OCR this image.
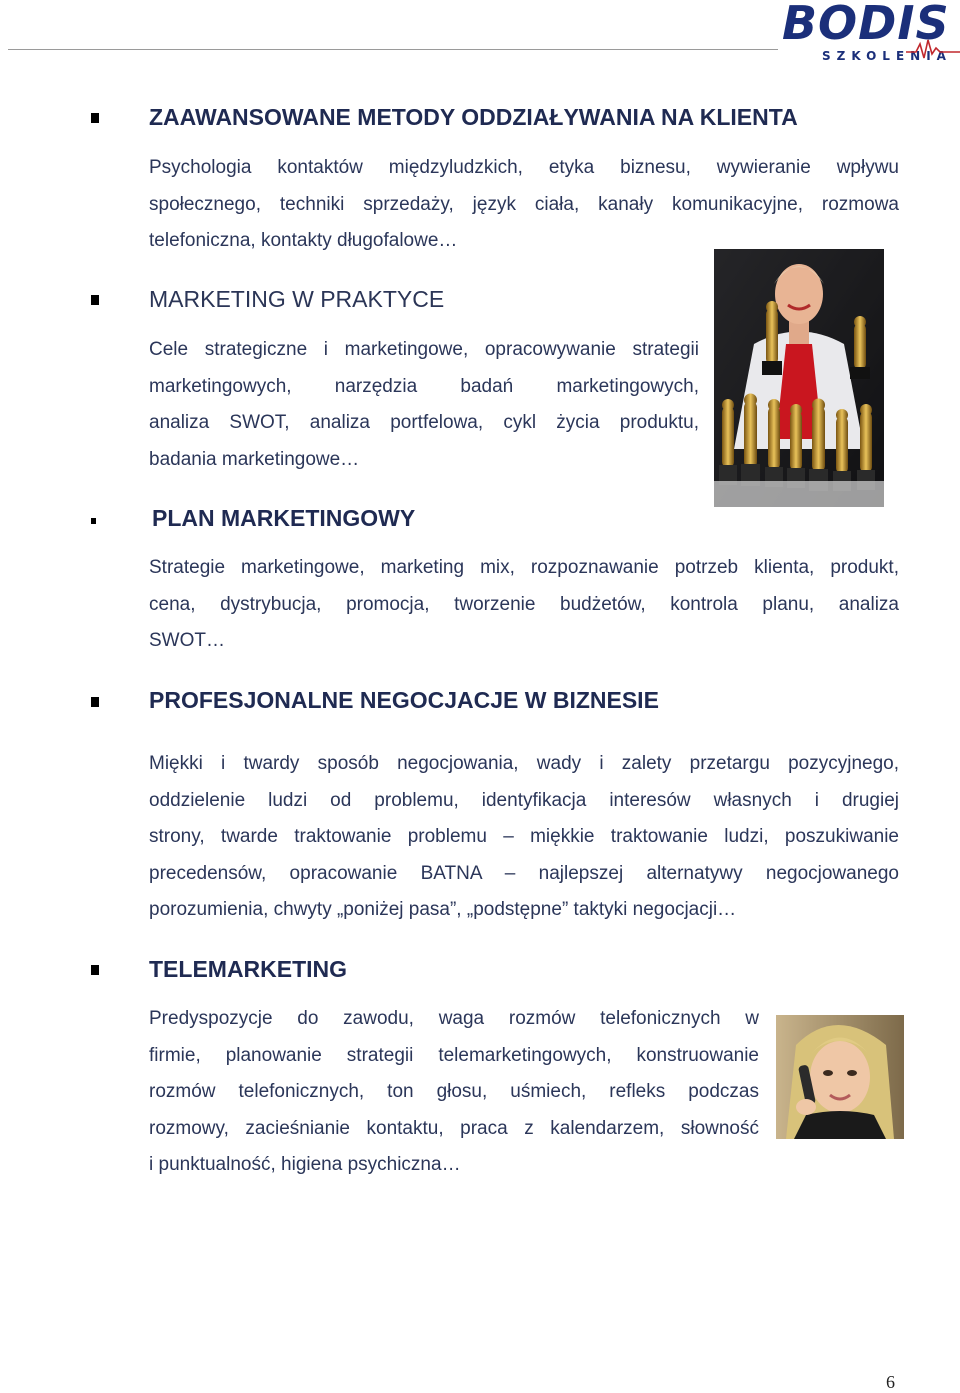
BODIS
SZKOLENIA
ZAAWANSOWANE METODY ODDZIAŁYWANIA NA KLIENTA
Psychologia kontaktów międzyludzkich, etyka biznesu, wywieranie wpływu
społecznego, techniki sprzedaży, język ciała, kanały komunikacyjne, rozmowa
telefoniczna, kontakty długofalowe…
MARKETING W PRAKTYCE
Cele strategiczne i marketingowe, opracowywanie strategii
marketingowych, narzędzia badań marketingowych,
analiza SWOT, analiza portfelowa, cykl życia produktu,
badania marketingowe…
PLAN MARKETINGOWY
Strategie marketingowe, marketing mix, rozpoznawanie potrzeb klienta, produkt,
cena, dystrybucja, promocja, tworzenie budżetów, kontrola planu, analiza
SWOT…
PROFESJONALNE NEGOCJACJE W BIZNESIE
Miękki i twardy sposób negocjowania, wady i zalety przetargu pozycyjnego,
oddzielenie ludzi od problemu, identyfikacja interesów własnych i drugiej
strony, twarde traktowanie problemu – miękkie traktowanie ludzi, poszukiwanie
precedensów, opracowanie BATNA – najlepszej alternatywy negocjowanego
porozumienia, chwyty „poniżej pasa”, „podstępne” taktyki negocjacji…
TELEMARKETING
Predyspozycje do zawodu, waga rozmów telefonicznych w
firmie, planowanie strategii telemarketingowych, konstruowanie
rozmów telefonicznych, ton głosu, uśmiech, refleks podczas
rozmowy, zacieśnianie kontaktu, praca z kalendarzem, słowność
i punktualność, higiena psychiczna…
6
